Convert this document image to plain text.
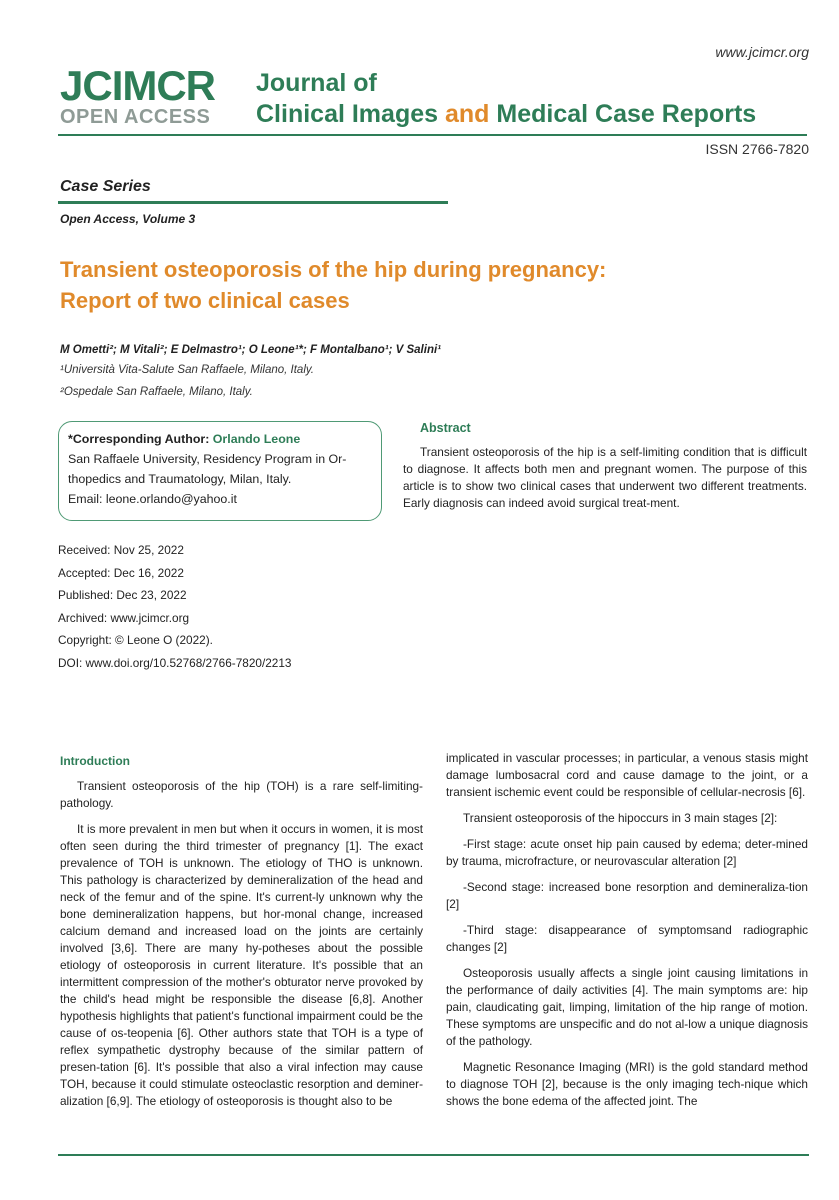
www.jcimcr.org
JCIMCR
OPEN ACCESS
Journal of
Clinical Images and Medical Case Reports
ISSN 2766-7820
Case Series
Open Access, Volume 3
Transient osteoporosis of the hip during pregnancy:
Report of two clinical cases
M Ometti²; M Vitali²; E Delmastro¹; O Leone¹*; F Montalbano¹; V Salini¹
¹Università Vita-Salute San Raffaele, Milano, Italy.
²Ospedale San Raffaele, Milano, Italy.
*Corresponding Author: Orlando Leone
San Raffaele University, Residency Program in Or-
thopedics and Traumatology, Milan, Italy.
Email: leone.orlando@yahoo.it
Abstract
Transient osteoporosis of the hip is a self-limiting condition that is difficult to diagnose. It affects both men and pregnant women. The purpose of this article is to show two clinical cases that underwent two different treatments. Early diagnosis can indeed avoid surgical treat-ment.
Received: Nov 25, 2022
Accepted: Dec 16, 2022
Published: Dec 23, 2022
Archived: www.jcimcr.org
Copyright: © Leone O (2022).
DOI: www.doi.org/10.52768/2766-7820/2213
Introduction

Transient osteoporosis of the hip (TOH) is a rare self-limiting-pathology.

It is more prevalent in men but when it occurs in women, it is most often seen during the third trimester of pregnancy [1]. The exact prevalence of TOH is unknown. The etiology of THO is unknown. This pathology is characterized by demineralization of the head and neck of the femur and of the spine. It's current-ly unknown why the bone demineralization happens, but hor-monal change, increased calcium demand and increased load on the joints are certainly involved [3,6]. There are many hy-potheses about the possible etiology of osteoporosis in current literature. It's possible that an intermittent compression of the mother's obturator nerve provoked by the child's head might be responsible the disease [6,8]. Another hypothesis highlights that patient's functional impairment could be the cause of os-teopenia [6]. Other authors state that TOH is a type of reflex sympathetic dystrophy because of the similar pattern of presen-tation [6]. It's possible that also a viral infection may cause TOH, because it could stimulate osteoclastic resorption and deminer-alization [6,9]. The etiology of osteoporosis is thought also to be

implicated in vascular processes; in particular, a venous stasis might damage lumbosacral cord and cause damage to the joint, or a transient ischemic event could be responsible of cellular-necrosis [6].

Transient osteoporosis of the hipoccurs in 3 main stages [2]:

-First stage: acute onset hip pain caused by edema; deter-mined by trauma, microfracture, or neurovascular alteration [2]

-Second stage: increased bone resorption and demineraliza-tion [2]

-Third stage: disappearance of symptomsand radiographic changes [2]

Osteoporosis usually affects a single joint causing limitations in the performance of daily activities [4]. The main symptoms are: hip pain, claudicating gait, limping, limitation of the hip range of motion. These symptoms are unspecific and do not al-low a unique diagnosis of the pathology.

Magnetic Resonance Imaging (MRI) is the gold standard method to diagnose TOH [2], because is the only imaging tech-nique which shows the bone edema of the affected joint. The
